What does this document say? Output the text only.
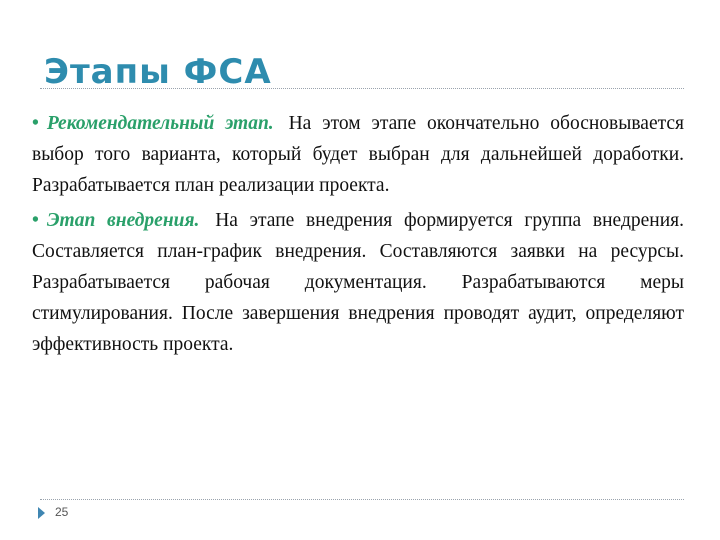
Этапы ФСА

• Рекомендательный этап. На этом этапе окончательно обосновывается выбор того варианта, который будет выбран для дальнейшей доработки. Разрабатывается план реализации проекта.

• Этап внедрения. На этапе внедрения формируется группа внедрения. Составляется план-график внедрения. Составляются заявки на ресурсы. Разрабатывается рабочая документация. Разрабатываются меры стимулирования. После завершения внедрения проводят аудит, определяют эффективность проекта.

25
